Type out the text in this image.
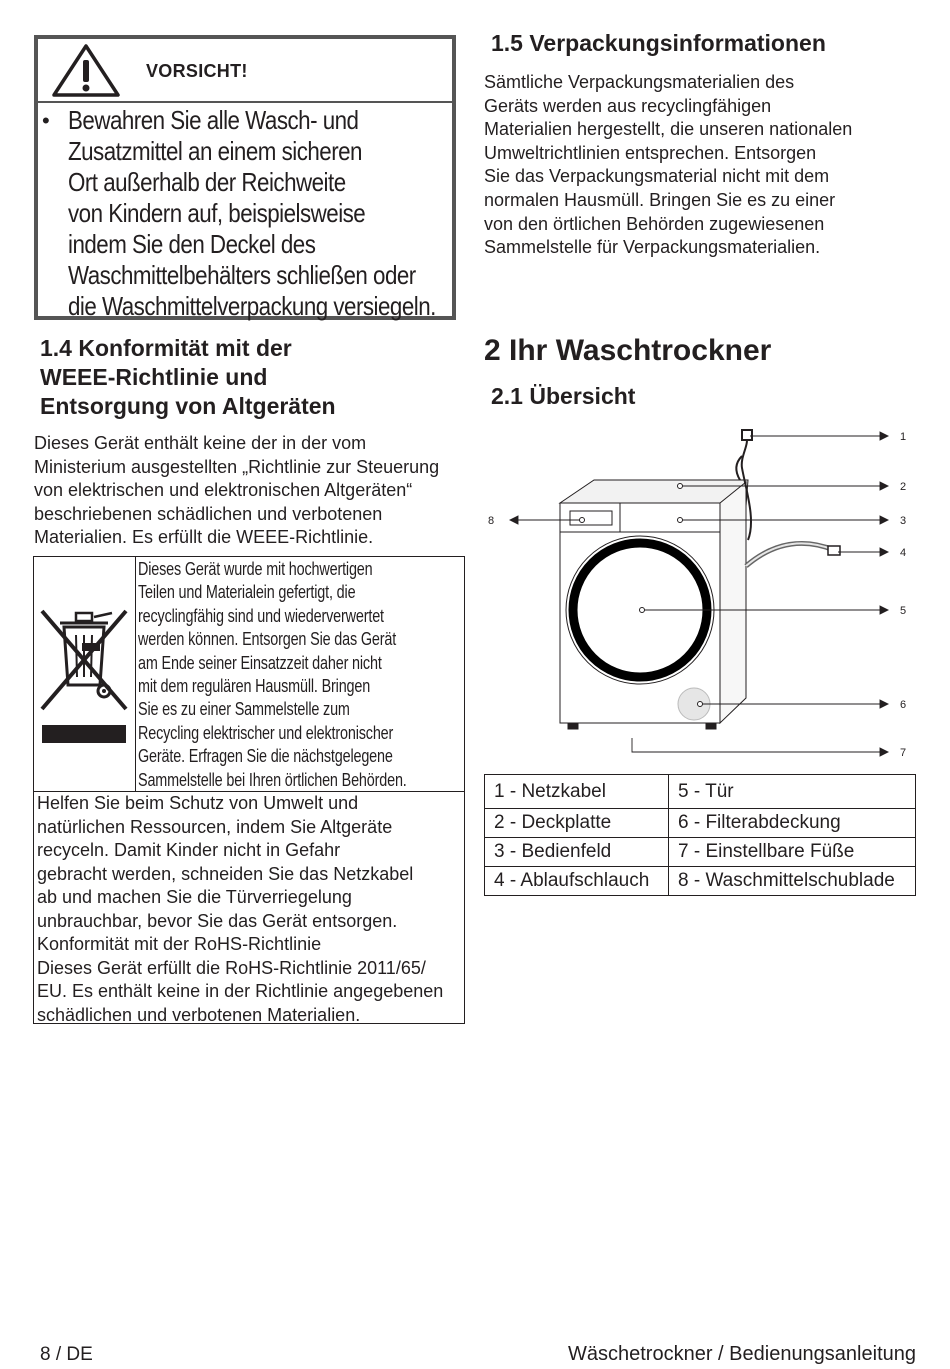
VORSICHT!
• Bewahren Sie alle Wasch- und
Zusatzmittel an einem sicheren
Ort außerhalb der Reichweite
von Kindern auf, beispielsweise
indem Sie den Deckel des
Waschmittelbehälters schließen oder
die Waschmittelverpackung versiegeln.
1.4 Konformität mit der
WEEE-Richtlinie und
Entsorgung von Altgeräten

Dieses Gerät enthält keine der in der vom
Ministerium ausgestellten „Richtlinie zur Steuerung
von elektrischen und elektronischen Altgeräten“
beschriebenen schädlichen und verbotenen
Materialien. Es erfüllt die WEEE-Richtlinie.

Dieses Gerät wurde mit hochwertigen
Teilen und Materialein gefertigt, die
recyclingfähig sind und wiederverwertet
werden können. Entsorgen Sie das Gerät
am Ende seiner Einsatzzeit daher nicht
mit dem regulären Hausmüll. Bringen
Sie es zu einer Sammelstelle zum
Recycling elektrischer und elektronischer
Geräte. Erfragen Sie die nächstgelegene
Sammelstelle bei Ihren örtlichen Behörden.
Helfen Sie beim Schutz von Umwelt und
natürlichen Ressourcen, indem Sie Altgeräte
recyceln. Damit Kinder nicht in Gefahr
gebracht werden, schneiden Sie das Netzkabel
ab und machen Sie die Türverriegelung
unbrauchbar, bevor Sie das Gerät entsorgen.
Konformität mit der RoHS-Richtlinie
Dieses Gerät erfüllt die RoHS-Richtlinie 2011/65/
EU. Es enthält keine in der Richtlinie angegebenen
schädlichen und verbotenen Materialien.
1.5 Verpackungsinformationen

Sämtliche Verpackungsmaterialien des
Geräts werden aus recyclingfähigen
Materialien hergestellt, die unseren nationalen
Umweltrichtlinien entsprechen. Entsorgen
Sie das Verpackungsmaterial nicht mit dem
normalen Hausmüll. Bringen Sie es zu einer
von den örtlichen Behörden zugewiesenen
Sammelstelle für Verpackungsmaterialien.

2 Ihr Waschtrockner
2.1 Übersicht
1
2
3
4
5
6
7
8
1 - Netzkabel	5 - Tür
2 - Deckplatte	6 - Filterabdeckung
3 - Bedienfeld	7 - Einstellbare Füße
4 - Ablaufschlauch	8 - Waschmittelschublade
8 / DE	Wäschetrockner / Bedienungsanleitung
